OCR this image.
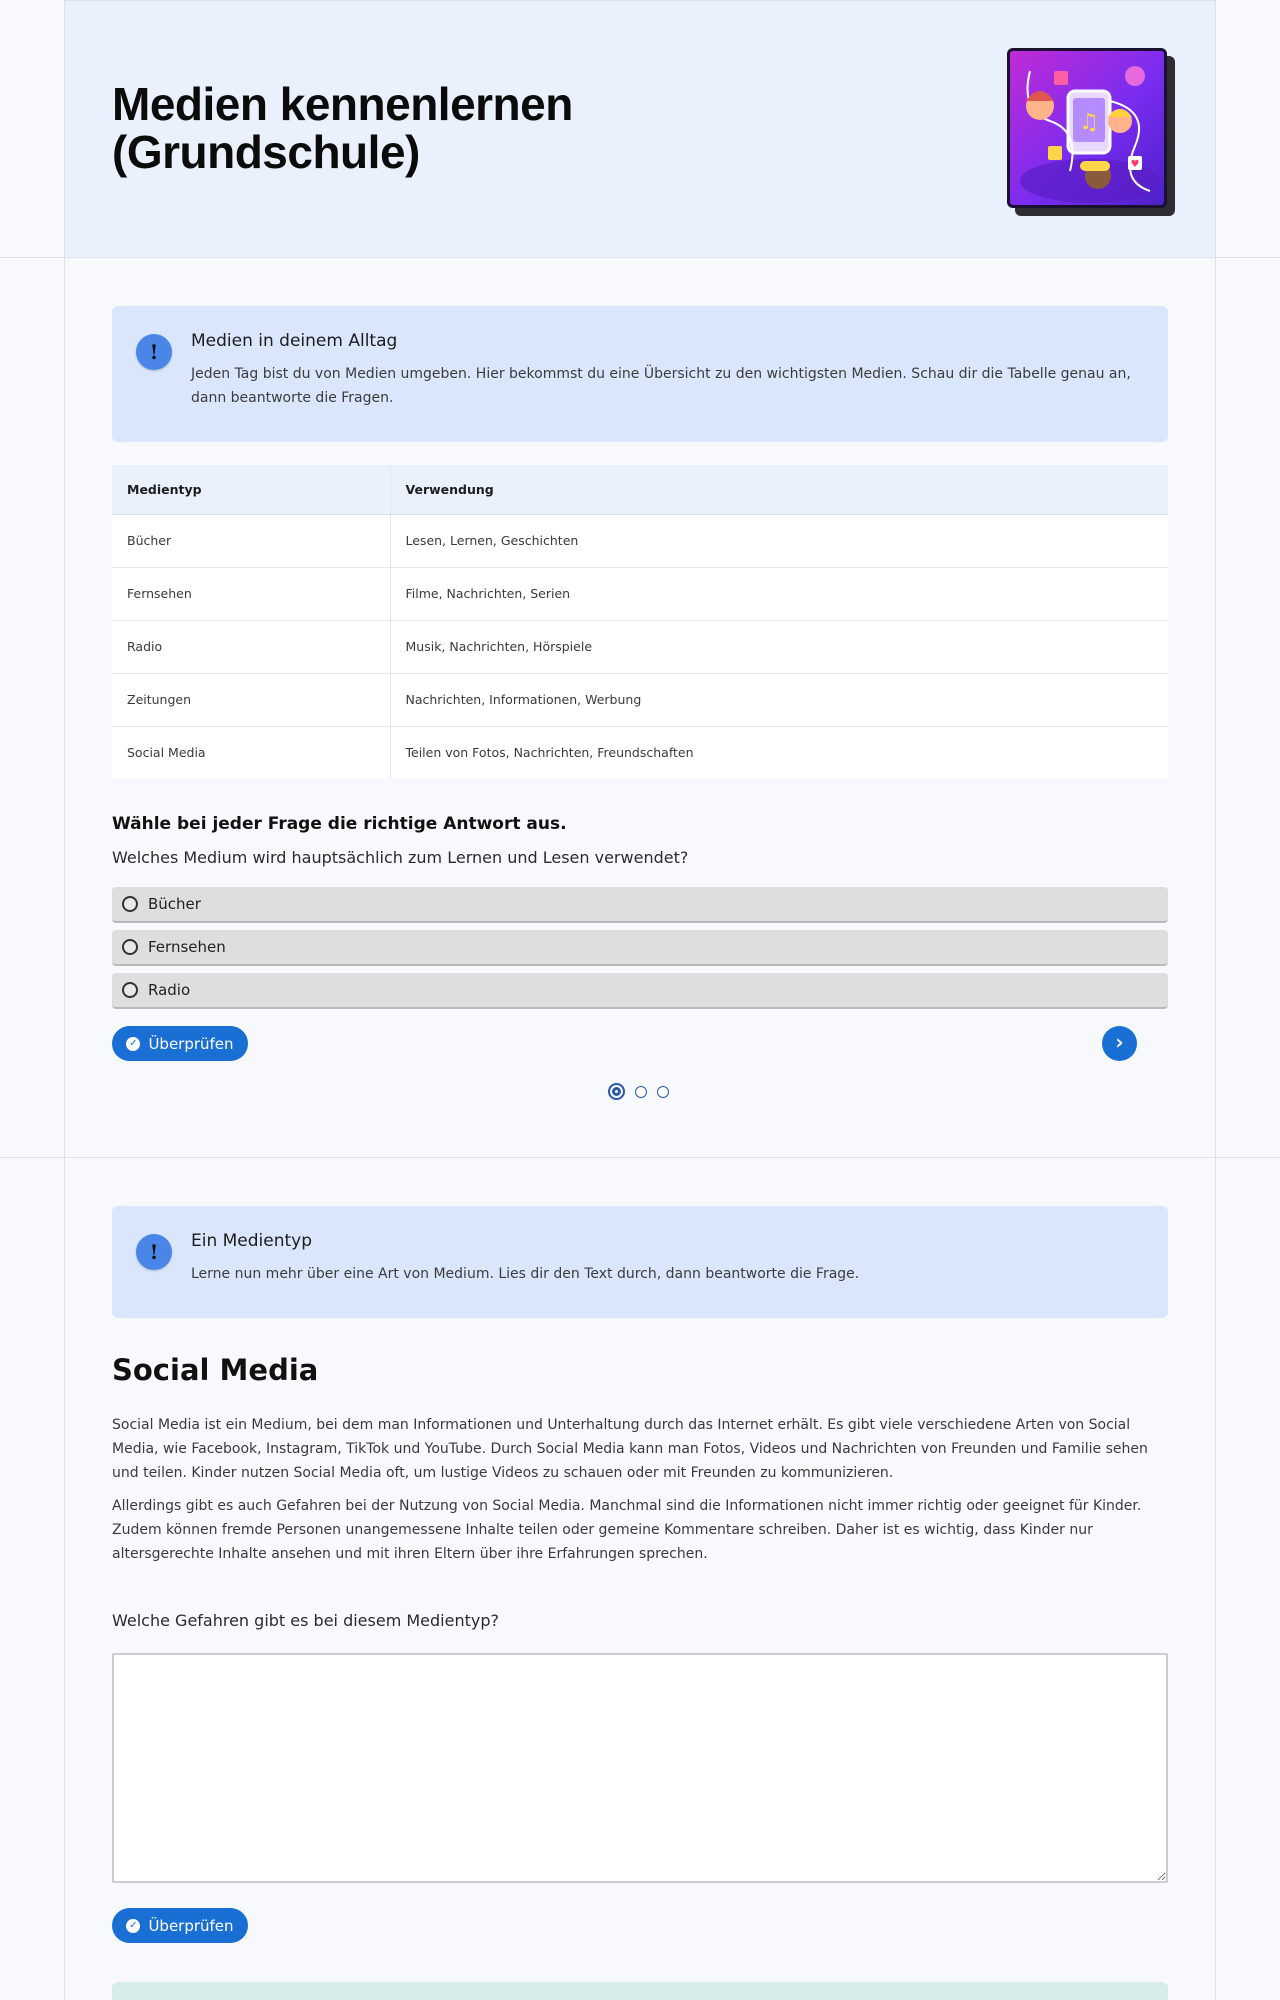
Medien kennenlernen
(Grundschule)
♫
♥
!	Medien in deinem Alltag
Jeden Tag bist du von Medien umgeben. Hier bekommst du eine Übersicht zu den wichtigsten Medien. Schau dir die Tabelle genau an, dann beantworte die Fragen.
Medientyp	Verwendung
Bücher	Lesen, Lernen, Geschichten
Fernsehen	Filme, Nachrichten, Serien
Radio	Musik, Nachrichten, Hörspiele
Zeitungen	Nachrichten, Informationen, Werbung
Social Media	Teilen von Fotos, Nachrichten, Freundschaften
Wähle bei jeder Frage die richtige Antwort aus.
Welches Medium wird hauptsächlich zum Lernen und Lesen verwendet?
Bücher
Fernsehen
Radio
✓ Überprüfen	›
!	Ein Medientyp
Lerne nun mehr über eine Art von Medium. Lies dir den Text durch, dann beantworte die Frage.
Social Media

Social Media ist ein Medium, bei dem man Informationen und Unterhaltung durch das Internet erhält. Es gibt viele verschiedene Arten von Social Media, wie Facebook, Instagram, TikTok und YouTube. Durch Social Media kann man Fotos, Videos und Nachrichten von Freunden und Familie sehen und teilen. Kinder nutzen Social Media oft, um lustige Videos zu schauen oder mit Freunden zu kommunizieren.

Allerdings gibt es auch Gefahren bei der Nutzung von Social Media. Manchmal sind die Informationen nicht immer richtig oder geeignet für Kinder. Zudem können fremde Personen unangemessene Inhalte teilen oder gemeine Kommentare schreiben. Daher ist es wichtig, dass Kinder nur altersgerechte Inhalte ansehen und mit ihren Eltern über ihre Erfahrungen sprechen.

Welche Gefahren gibt es bei diesem Medientyp?
✓ Überprüfen
